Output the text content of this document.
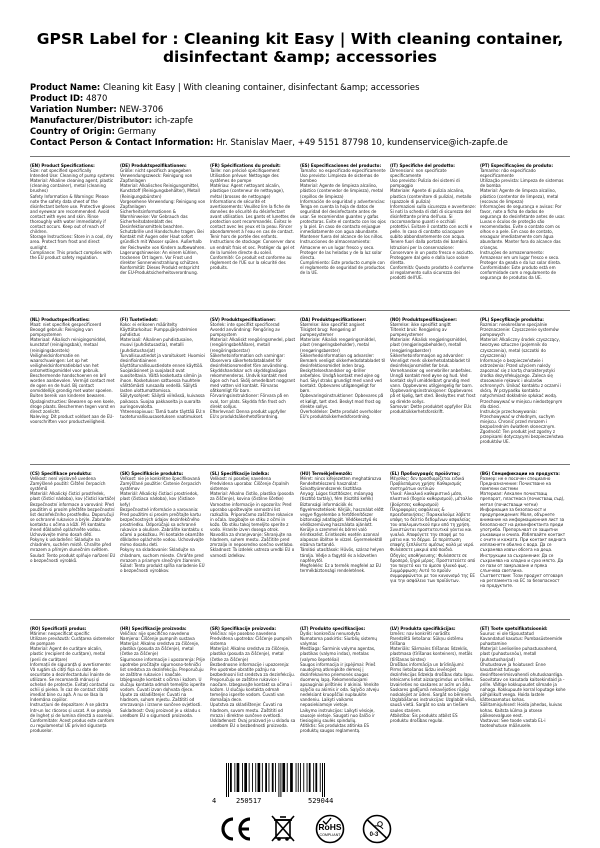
GPSR Label for : Cleaning kit Easy | With cleaning container, disinfectant &amp; accessories
Product Name: Cleaning kit Easy | With cleaning container, disinfectant &amp; accessories
Product ID: 4870
Variation Number: NEW-3706
Manufacturer/Distributor: ich-zapfe
Country of Origin: Germany
Contact Person & Contact Information: Hr. Stanislav Maer, +49 5151 87798 10, kundenservice@ich-zapfe.de
(EN) Product Specifications:
Size: not specified specifically
Intended Use: Cleaning of pump systems
Material: Alkaline cleaning agent, plastic (cleaning container), metal (cleaning brushes)
Safety Information & Warnings: Please note the safety data sheet of the disinfectant before use. Protective gloves and eyewear are recommended. Avoid contact with eyes and skin. Rinse thoroughly with water immediately if contact occurs. Keep out of reach of children.
Storage Instructions: Store in a cool, dry area. Protect from frost and direct sunlight.
Compliance: This product complies with the EU product safety regulation.
(DE) Produktspezifikationen:
Größe: nicht spezifisch angegeben
Verwendungszweck: Reinigung von Zapfanlagen
Material: Alkalisches Reinigungsmittel, Kunststoff (Reinigungsbehälter), Metall (Reinigungsbürsten)
Vorgesehene Verwendung: Reinigung von Zapfanlagen
Sicherheitsinformationen & Warnhinweise: Vor Gebrauch das Sicherheitsdatenblatt des Desinfektionsmittels beachten. Schutzbrille und Handschuhe tragen. Bei Kontakt mit Augen oder Haut sofort gründlich mit Wasser spülen. Außerhalb der Reichweite von Kindern aufbewahren.
Lagerungshinweise: An einem kühlen, trockenen Ort lagern. Vor Frost und direkter Sonneneinstrahlung schützen.
Konformität: Dieses Produkt entspricht der EU-Produktsicherheitsverordnung.
(FR) Spécifications du produit:
Taille: non précisé spécifiquement
Utilisation prévue: Nettoyage des systèmes de pompe
Matériau: Agent nettoyant alcalin, plastique (conteneur de nettoyage), métal (brosses de nettoyage)
Informations de sécurité et avertissements: Veuillez lire la fiche de données de sécurité du désinfectant avant utilisation. Les gants et lunettes de protection sont recommandés. Évitez le contact avec les yeux et la peau. Rincer abondamment à l'eau en cas de contact. Tenir hors de portée des enfants.
Instructions de stockage: Conserver dans un endroit frais et sec. Protéger du gel et de la lumière directe du soleil.
Conformité: Ce produit est conforme au règlement de l'UE sur la sécurité des produits.
(ES) Especificaciones del producto:
Tamaño: no especificado específicamente
Uso previsto: Limpieza de sistemas de bombeo
Material: Agente de limpieza alcalino, plástico (contenedor de limpieza), metal (cepillos de limpieza)
Información de seguridad y advertencias: Tenga en cuenta la hoja de datos de seguridad del desinfectante antes de usar. Se recomiendan guantes y gafas protectoras. Evite el contacto con los ojos y la piel. En caso de contacto enjuague inmediatamente con agua abundante. Mantener fuera del alcance de los niños.
Instrucciones de almacenamiento: Almacene en un lugar fresco y seco. Proteger de las heladas y de la luz solar directa.
Cumplimiento: Este producto cumple con el reglamento de seguridad de productos de la UE.
(IT) Specifiche del prodotto:
Dimensioni: non specificate specificamente
Uso previsto: Pulizia dei sistemi di pompaggio
Materiale: Agente di pulizia alcalino, plastica (contenitore di pulizia), metallo (spazzole di pulizia)
Informazioni sulla sicurezza e avvertenze: Si noti la scheda di dati di sicurezza del disinfettante prima dell'uso. Si raccomandano guanti e occhiali protettivi. Evitare il contatto con occhi e pelle. In caso di contatto sciacquare subito abbondantemente con acqua. Tenere fuori dalla portata dei bambini.
Istruzioni per la conservazione: Conservare in un posto fresco e asciutto. Proteggere dal gelo e dalla luce solare diretta.
Conformità: Questo prodotto è conforme al regolamento sulla sicurezza dei prodotti dell'UE.
(PT) Especificações do produto:
Tamanho: não especificado especificamente
Utilização prevista: Limpeza de sistemas de bomba
Material: Agente de limpeza alcalino, plástico (contentor de limpeza), metal (escovas de limpeza)
Informações de segurança e avisos: Por favor, note a ficha de dados de segurança do desinfetante antes de usar. Luvas e óculos de proteção são recomendados. Evite o contato com os olhos e a pele. Em caso de contato, enxaguar imediatamente com água abundante. Manter fora do alcance das crianças.
Instruções de armazenamento: Armazenar em um lugar fresco e seco. Proteger da geada e da luz solar direta.
Conformidade: Este produto está em conformidade com o regulamento de segurança de produtos da UE.
(NL) Productspecificaties:
Maat: niet specifiek gespecificeerd
Beoogd gebruik: Reiniging van pompsystemen
Materiaal: Alkalisch reinigingsmiddel, kunststof (reinigingsbak), metaal (reinigingsborstels)
Veiligheidsinformatie en waarschuwingen: Let op het veiligheidsinformatieblad van het ontsmettingsmiddel voor gebruik. Beschermende handschoenen en bril worden aanbevolen. Vermijd contact met de ogen en de huid. Bij contact onmiddellijk grondig met water spoelen. Buiten bereik van kinderen bewaren.
Opslaginstructies: Bewaren op een koele, droge plaats. Beschermen tegen vorst en direct zonlicht.
Naleving: Dit product voldoet aan de EU-voorschriften voor productveiligheid.
(FI) Tuotetiedot:
Koko: ei erikseen määritelty
Käyttötarkoitus: Pumppujärjestelmien puhdistus
Materiaali: Alkalinen puhdistusaine, muovi (puhdistusastia), metalli (puhdistusharjat)
Turvallisuustiedot ja varoitukset: Huomioi desinfiointiaineen käyttöturvallisuustiedote ennen käyttöä. Suojakäsineet ja suojalasit ovat suositeltavia. Vältä kosketusta silmiin ja ihoon. Kosketuksen sattuessa huuhtele välittömästi runsaalla vedellä. Säilytä lasten ulottumattomissa.
Säilytysohjeet: Säilytä viileässä, kuivassa paikassa. Suojaa pakkaselta ja suoralta auringonvalolta.
Yhteensopivuus: Tämä tuote täyttää EU:n tuoteturvallisuusasetuksen vaatimukset.
(SV) Produktspecifikationer:
Storlek: inte specifikt specificerad
Avsedd användning: Rengöring av pumpsystem
Material: Alkaliskt rengöringsmedel, plast (rengöringsbehållare), metall (rengöringsborstar)
Säkerhetsinformation och varningar: Observera säkerhetsdatabladet för desinfektionsmedlet före användning. Skyddshandskar och skyddsglasögon rekommenderas. Undvik kontakt med ögon och hud. Skölj omedelbart noggrant med vatten vid kontakt. Förvaras oåtkomligt för barn.
Förvaringsinstruktioner: Förvara på en sval, torr plats. Skydda från frost och direkt solljus.
Efterlevnad: Denna produkt uppfyller EU:s produktsäkerhetsförordning.
(DA) Produktspecifikationer:
Størrelse: ikke specifikt angivet
Tilsigtet brug: Rengøring af pumpesystemer
Materiale: Alkalisk rengøringsmiddel, plast (rengøringsbeholder), metal (rengøringsbørster)
Sikkerhedsinformation og advarsler: Bemærk venligst sikkerhedsdatabladet til desinfektionsmidlet inden brug. Beskyttelseshandsker og -briller anbefales. Undgå kontakt med øjne og hud. Skyl straks grundigt med vand ved kontakt. Opbevares utilgængeligt for børn.
Opbevaringsinstruktioner: Opbevares på et køligt, tørt sted. Beskyt mod frost og direkte sollys.
Overholdelse: Dette produkt overholder EU's produktsikkerhedsforordning.
(NO) Produktspesifikasjoner:
Størrelse: ikke spesifikt angitt
Tiltenkt bruk: Rengjøring av pumpesystemer
Materiale: Alkalisk rengjøringsmiddel, plast (rengjøringsbeholder), metall (rengjøringsbørster)
Sikkerhetsinformasjon og advarsler: Vennligst merk sikkerhetsdatabladet til desinfeksjonsmidlet før bruk. Vernehansker og vernebriller anbefales. Unngå kontakt med øyne og hud. Ved kontakt skyll umiddelbart grundig med vann. Oppbevares utilgjengelig for barn.
Oppbevaringsinstruksjoner: Oppbevares på et kjølig, tørt sted. Beskyttes mot frost og direkte sollys.
Samsvar: Dette produktet oppfyller EUs produktsikkerhetsforskrift.
(PL) Specyfikacje produktu:
Rozmiar: nieokreślone specjalnie
Przeznaczenie: Czyszczenie systemów pompowych
Materiał: Alkaliczny środek czyszczący, tworzywo sztuczne (pojemnik do czyszczenia), metal (szczotki do czyszczenia)
Informacje o bezpieczeństwie i ostrzeżenia: Przed użyciem należy zapoznać się z kartą charakterystyki środka dezynfekującego. Zaleca się stosowanie rękawic i okularów ochronnych. Unikać kontaktu z oczami i skórą. W przypadku kontaktu natychmiast dokładnie spłukać wodą. Przechowywać w miejscu niedostępnym dla dzieci.
Instrukcje przechowywania: Przechowywać w chłodnym, suchym miejscu. Chronić przed mrozem i bezpośrednim światłem słonecznym.
Zgodność: Ten produkt jest zgodny z przepisami dotyczącymi bezpieczeństwa produktów UE.
(CS) Specifikace produktu:
Velikost: není výslovně uvedena
Zamýšlené použití: Čištění čerpacích systémů
Materiál: Alkalický čisticí prostředek, plast (čisticí nádoba), kov (čisticí kartáče)
Bezpečnostní informace a varování: Před použitím si prosím přečtěte bezpečnostní list dezinfekčního prostředku. Doporučují se ochranné rukavice a brýle. Zabraňte kontaktu s očima a kůží. Při kontaktu ihned důkladně opláchněte vodou. Uchovávejte mimo dosah dětí.
Pokyny k uskladnění: Skladujte na chladném, suchém místě. Chraňte před mrazem a přímým slunečním světlem.
Soulad: Tento produkt splňuje nařízení EU o bezpečnosti výrobků.
(SK) Špecifikácie produktu:
Veľkosť: nie je konkrétne špecifikovaná
Zamýšľané použitie: Čistenie čerpacích systémov
Materiál: Alkalický čistiaci prostriedok, plast (čistiaca nádoba), kov (čistiace kefy)
Bezpečnostné informácie a varovania: Pred použitím si prosím prečítajte kartu bezpečnostných údajov dezinfekčného prostriedku. Odporúčajú sa ochranné rukavice a okuliare. Zabráňte kontaktu s očami a pokožkou. Pri kontakte okamžite dôkladne opláchnite vodou. Uchovávajte mimo dosahu detí.
Pokyny na skladovanie: Skladujte na chladnom, suchom mieste. Chráňte pred mrazom a priamym slnečným žiarením.
Súlad: Tento produkt spĺňa nariadenie EÚ o bezpečnosti výrobkov.
(SL) Specifikacije izdelka:
Velikost: ni posebej navedena
Predvidena uporaba: Čiščenje črpalnih sistemov
Material: Alkalno čistilo, plastika (posoda za čiščenje), kovina (čistilne ščetke)
Varnostne informacije in opozorila: Pred uporabo upoštevajte varnostni list razkužila. Priporočamo zaščitne rokavice in očala. Izogibajte se stiku z očmi in kožo. Ob stiku takoj temeljito sperite z vodo. Hranite izven dosega otrok.
Navodila za shranjevanje: Shranjujte na hladnem, suhem mestu. Zaščitite pred zmrzaljo in neposredno sončno svetlobo.
Skladnost: Ta izdelek ustreza uredbi EU o varnosti izdelkov.
(HU) Termékjellemzők:
Méret: nincs kifejezetten meghatározva
Rendeltetésszerű használat: Szivattyúrendszerek tisztítása
Anyag: Lúgos tisztítószer, műanyag (tisztító tartály), fém (tisztító kefék)
Biztonsági információk és figyelmeztetések: Kérjük, használat előtt vegye figyelembe a fertőtlenítőszer biztonsági adatlapját. Védőkesztyű és védőszemüveg használata ajánlott. Kerülje a szemmel és bőrrel való érintkezést. Érintkezés esetén azonnal alaposan öblítse le vízzel. Gyermekektől elzárva tartandó.
Tárolási utasítások: Hűvös, száraz helyen tárolja. Védje a fagytól és a közvetlen napfénytől.
Megfelelés: Ez a termék megfelel az EU termékbiztonsági rendeletének.
(EL) Προδιαγραφές προϊόντος:
Μέγεθος: δεν προσδιορίζεται ειδικά
Προβλεπόμενη χρήση: Καθαρισμός συστημάτων αντλιών
Υλικό: Αλκαλικό καθαριστικό μέσο, πλαστικό (δοχείο καθαρισμού), μέταλλο (βούρτσες καθαρισμού)
Πληροφορίες ασφάλειας & προειδοποιήσεις: Παρακαλούμε λάβετε υπόψη το δελτίο δεδομένων ασφαλείας του απολυμαντικού πριν από τη χρήση. Συνιστώνται προστατευτικά γάντια και γυαλιά. Αποφύγετε την επαφή με τα μάτια και το δέρμα. Σε περίπτωση επαφής ξεπλύνετε αμέσως καλά με νερό. Φυλάσσετε μακριά από παιδιά.
Οδηγίες αποθήκευσης: Φυλάσσετε σε δροσερό, ξηρό μέρος. Προστατεύετε από τον παγετό και το άμεσο ηλιακό φως.
Συμμόρφωση: Αυτό το προϊόν συμμορφώνεται με τον κανονισμό της ΕΕ για την ασφάλεια των προϊόντων.
(BG) Спецификации на продукта:
Размер: не е посочен специално
Предназначение: Почистване на помпени системи
Материал: Алкален почистващ препарат, пластмаса (почистващ съд), метал (почистващи четки)
Информация за безопасност и предупреждения: Моля, обърнете внимание на информационния лист за безопасност на дезинфектанта преди употреба. Препоръчват се защитни ръкавици и очила. Избягвайте контакт с очите и кожата. При контакт веднага изплакнете обилно с вода. Да се съхранява извън обсега на деца.
Инструкции за съхранение: Да се съхранява на хладно и сухо място. Да се пази от замръзване и пряка слънчева светлина.
Съответствие: Този продукт отговаря на регламента на ЕС за безопасност на продуктите.
(RO) Specificații produs:
Mărime: nespecificat specific
Utilizare prevăzută: Curățarea sistemelor de pompare
Material: Agent de curățare alcalin, plastic (recipient de curățare), metal (perii de curățare)
Informații de siguranță și avertismente: Vă rugăm să citiți fișa cu date de securitate a dezinfectantului înainte de utilizare. Se recomandă mănuși și ochelari de protecție. Evitați contactul cu ochii și pielea. În caz de contact clătiți imediat bine cu apă. A nu se lăsa la îndemâna copiilor.
Instrucțiuni de depozitare: A se păstra într-un loc răcoros și uscat. A se proteja de îngheț și de lumina directă a soarelui.
Conformitate: Acest produs este conform cu regulamentul UE privind siguranța produselor.
(HR) Specifikacije proizvoda:
Veličina: nije specifično navedeno
Namjena: Čišćenje pumpnih sustava
Materijal: Alkalno sredstvo za čišćenje, plastika (posuda za čišćenje), metal (četke za čišćenje)
Sigurnosne informacije i upozorenja: Prije upotrebe pročitajte sigurnosno-tehnički list sredstva za dezinfekciju. Preporučuju se zaštitne rukavice i naočale. Izbjegavajte kontakt s očima i kožom. U slučaju kontakta odmah temeljito isperite vodom. Čuvati izvan dohvata djece.
Upute za skladištenje: Čuvati na hladnom, suhom mjestu. Zaštititi od smrzavanja i izravne sunčeve svjetlosti.
Sukladnost: Ovaj proizvod je u skladu s uredbom EU o sigurnosti proizvoda.
(SR) Specifikacije proizvoda:
Veličina: nije posebno navedena
Predviđena upotreba: Čišćenje pumpnih sistema
Materijal: Alkalno sredstvo za čišćenje, plastika (posuda za čišćenje), metal (četke za čišćenje)
Bezbednosne informacije i upozorenja: Pre upotrebe obratite pažnju na bezbednosni list sredstva za dezinfekciju. Preporučuju se zaštitne rukavice i naočare. Izbegavajte kontakt sa očima i kožom. U slučaju kontakta odmah temeljno isperite vodom. Čuvati van domašaja dece.
Uputstva za skladištenje: Čuvati na hladnom, suvom mestu. Zaštititi od mraza i direktne sunčeve svetlosti.
Usklađenost: Ovaj proizvod je u skladu sa uredbom EU o bezbednosti proizvoda.
(LT) Produkto specifikacijos:
Dydis: konkrečiai nenurodyta
Numatoma paskirtis: Siurblių sistemų valymas
Medžiaga: Šarminis valymo agentas, plastikas (valymo indas), metalas (valymo šepetėliai)
Saugos informacija ir įspėjimai: Prieš naudojimą atkreipkite dėmesį į dezinfekavimo priemonės saugos duomenų lapą. Rekomenduojami apsauginiai pirštinės ir akiniai. Venkite sąlyčio su akimis ir oda. Sąlyčio atveju nedelsiant kruopščiai nuplaukite vandeniu. Laikyti vaikams nepasiekiamoje vietoje.
Laikymo instrukcijos: Laikyti vėsioje, sausoje vietoje. Saugoti nuo šalčio ir tiesioginių saulės spindulių.
Atitiktis: Šis produktas atitinka ES produktų saugos reglamentą.
(LV) Produkta specifikācijas:
Izmērs: nav konkrēti norādīts
Paredzētā lietošana: Sūkņu sistēmu tīrīšana
Materiāls: Sārmains tīrīšanas līdzeklis, plastmasa (tīrīšanas konteiners), metāls (tīrīšanas birstes)
Drošības informācija un brīdinājumi: Pirms lietošanas lūdzu ievērojiet dezinfekcijas līdzekļa drošības datu lapu. Ieteicams lietot aizsargcimdus un brilles. Izvairieties no saskares ar acīm un ādu. Saskares gadījumā nekavējoties rūpīgi noskalojiet ar ūdeni. Sargāt no bērniem.
Uzglabāšanas instrukcijas: Uzglabāt vēsā, sausā vietā. Sargāt no sala un tiešiem saules stariem.
Atbilstība: Šis produkts atbilst ES produktu drošības regulai.
(ET) Toote spetsifikatsioonid:
Suurus: ei ole täpsustatud
Kavandatud kasutus: Pumbasüsteemide puhastamine
Materjal: Leeliseline puhastusvahend, plast (puhastusnõu), metall (puhastusharjad)
Ohutusteave ja hoiatused: Enne kasutamist tutvuge desinfitseerimisvahendi ohutuskaardiga. Soovitatav on kasutada kaitsekindaid ja -prille. Vältige kokkupuudet silmade ja nahaga. Kokkupuute korral loputage kohe põhjalikult veega. Hoida lastele kättesaamatus kohas.
Säilitamisjuhised: Hoida jahedas, kuivas kohas. Kaitsta külma ja otsese päikesevalguse eest.
Vastavus: See toode vastab EL-i tooteohutuse määrusele.
4	250517	529044
RoHS
COMPLIANT	0-3
